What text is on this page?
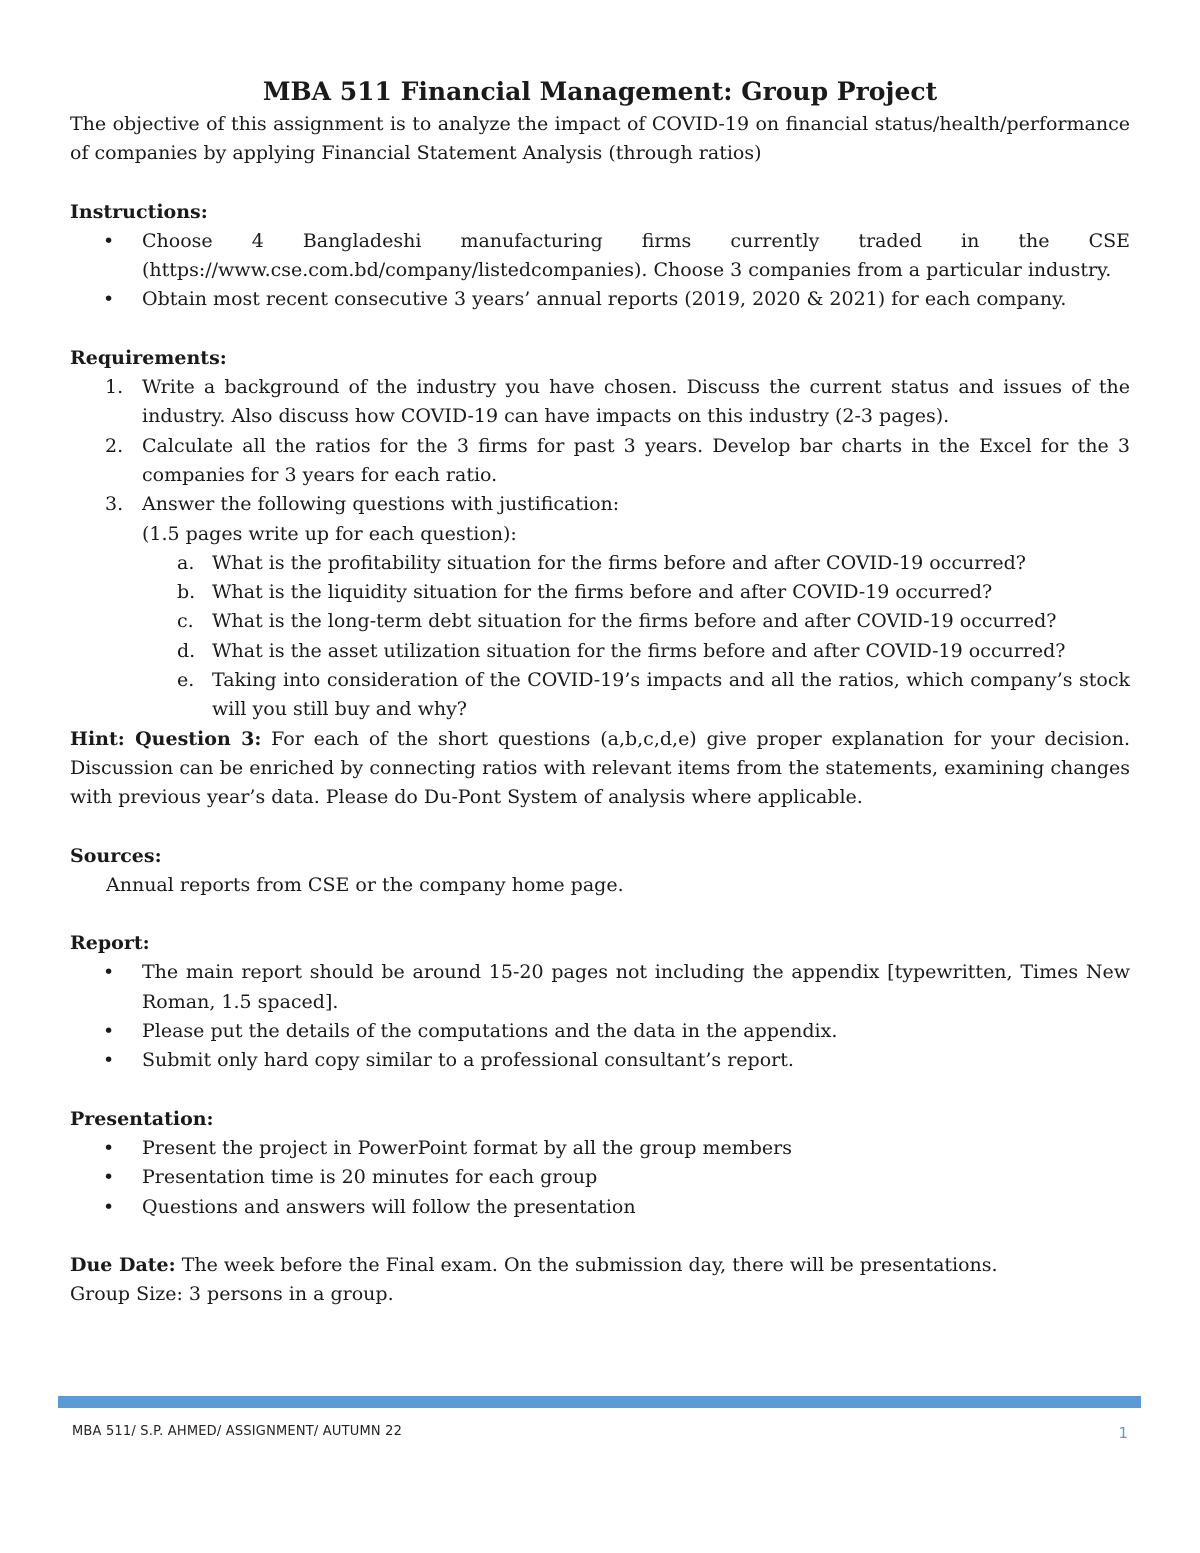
MBA 511 Financial Management: Group Project

The objective of this assignment is to analyze the impact of COVID-19 on financial status/health/performance of companies by applying Financial Statement Analysis (through ratios)

Instructions:
• Choose 4 Bangladeshi manufacturing firms currently traded in the CSE (https://www.cse.com.bd/company/listedcompanies). Choose 3 companies from a particular industry.
• Obtain most recent consecutive 3 years’ annual reports (2019, 2020 & 2021) for each company.
Requirements:
1. Write a background of the industry you have chosen. Discuss the current status and issues of the industry. Also discuss how COVID-19 can have impacts on this industry (2-3 pages).
2. Calculate all the ratios for the 3 firms for past 3 years. Develop bar charts in the Excel for the 3 companies for 3 years for each ratio.
3. Answer the following questions with justification:
(1.5 pages write up for each question):
a. What is the profitability situation for the firms before and after COVID-19 occurred?
b. What is the liquidity situation for the firms before and after COVID-19 occurred?
c. What is the long-term debt situation for the firms before and after COVID-19 occurred?
d. What is the asset utilization situation for the firms before and after COVID-19 occurred?
e. Taking into consideration of the COVID-19’s impacts and all the ratios, which company’s stock will you still buy and why?

Hint: Question 3: For each of the short questions (a,b,c,d,e) give proper explanation for your decision. Discussion can be enriched by connecting ratios with relevant items from the statements, examining changes with previous year’s data. Please do Du-Pont System of analysis where applicable.

Sources:
Annual reports from CSE or the company home page.
Report:
• The main report should be around 15-20 pages not including the appendix [typewritten, Times New Roman, 1.5 spaced].
• Please put the details of the computations and the data in the appendix.
• Submit only hard copy similar to a professional consultant’s report.
Presentation:
• Present the project in PowerPoint format by all the group members
• Presentation time is 20 minutes for each group
• Questions and answers will follow the presentation
Due Date: The week before the Final exam. On the submission day, there will be presentations.
Group Size: 3 persons in a group.
MBA 511/ S.P. AHMED/ ASSIGNMENT/ AUTUMN 22	1
